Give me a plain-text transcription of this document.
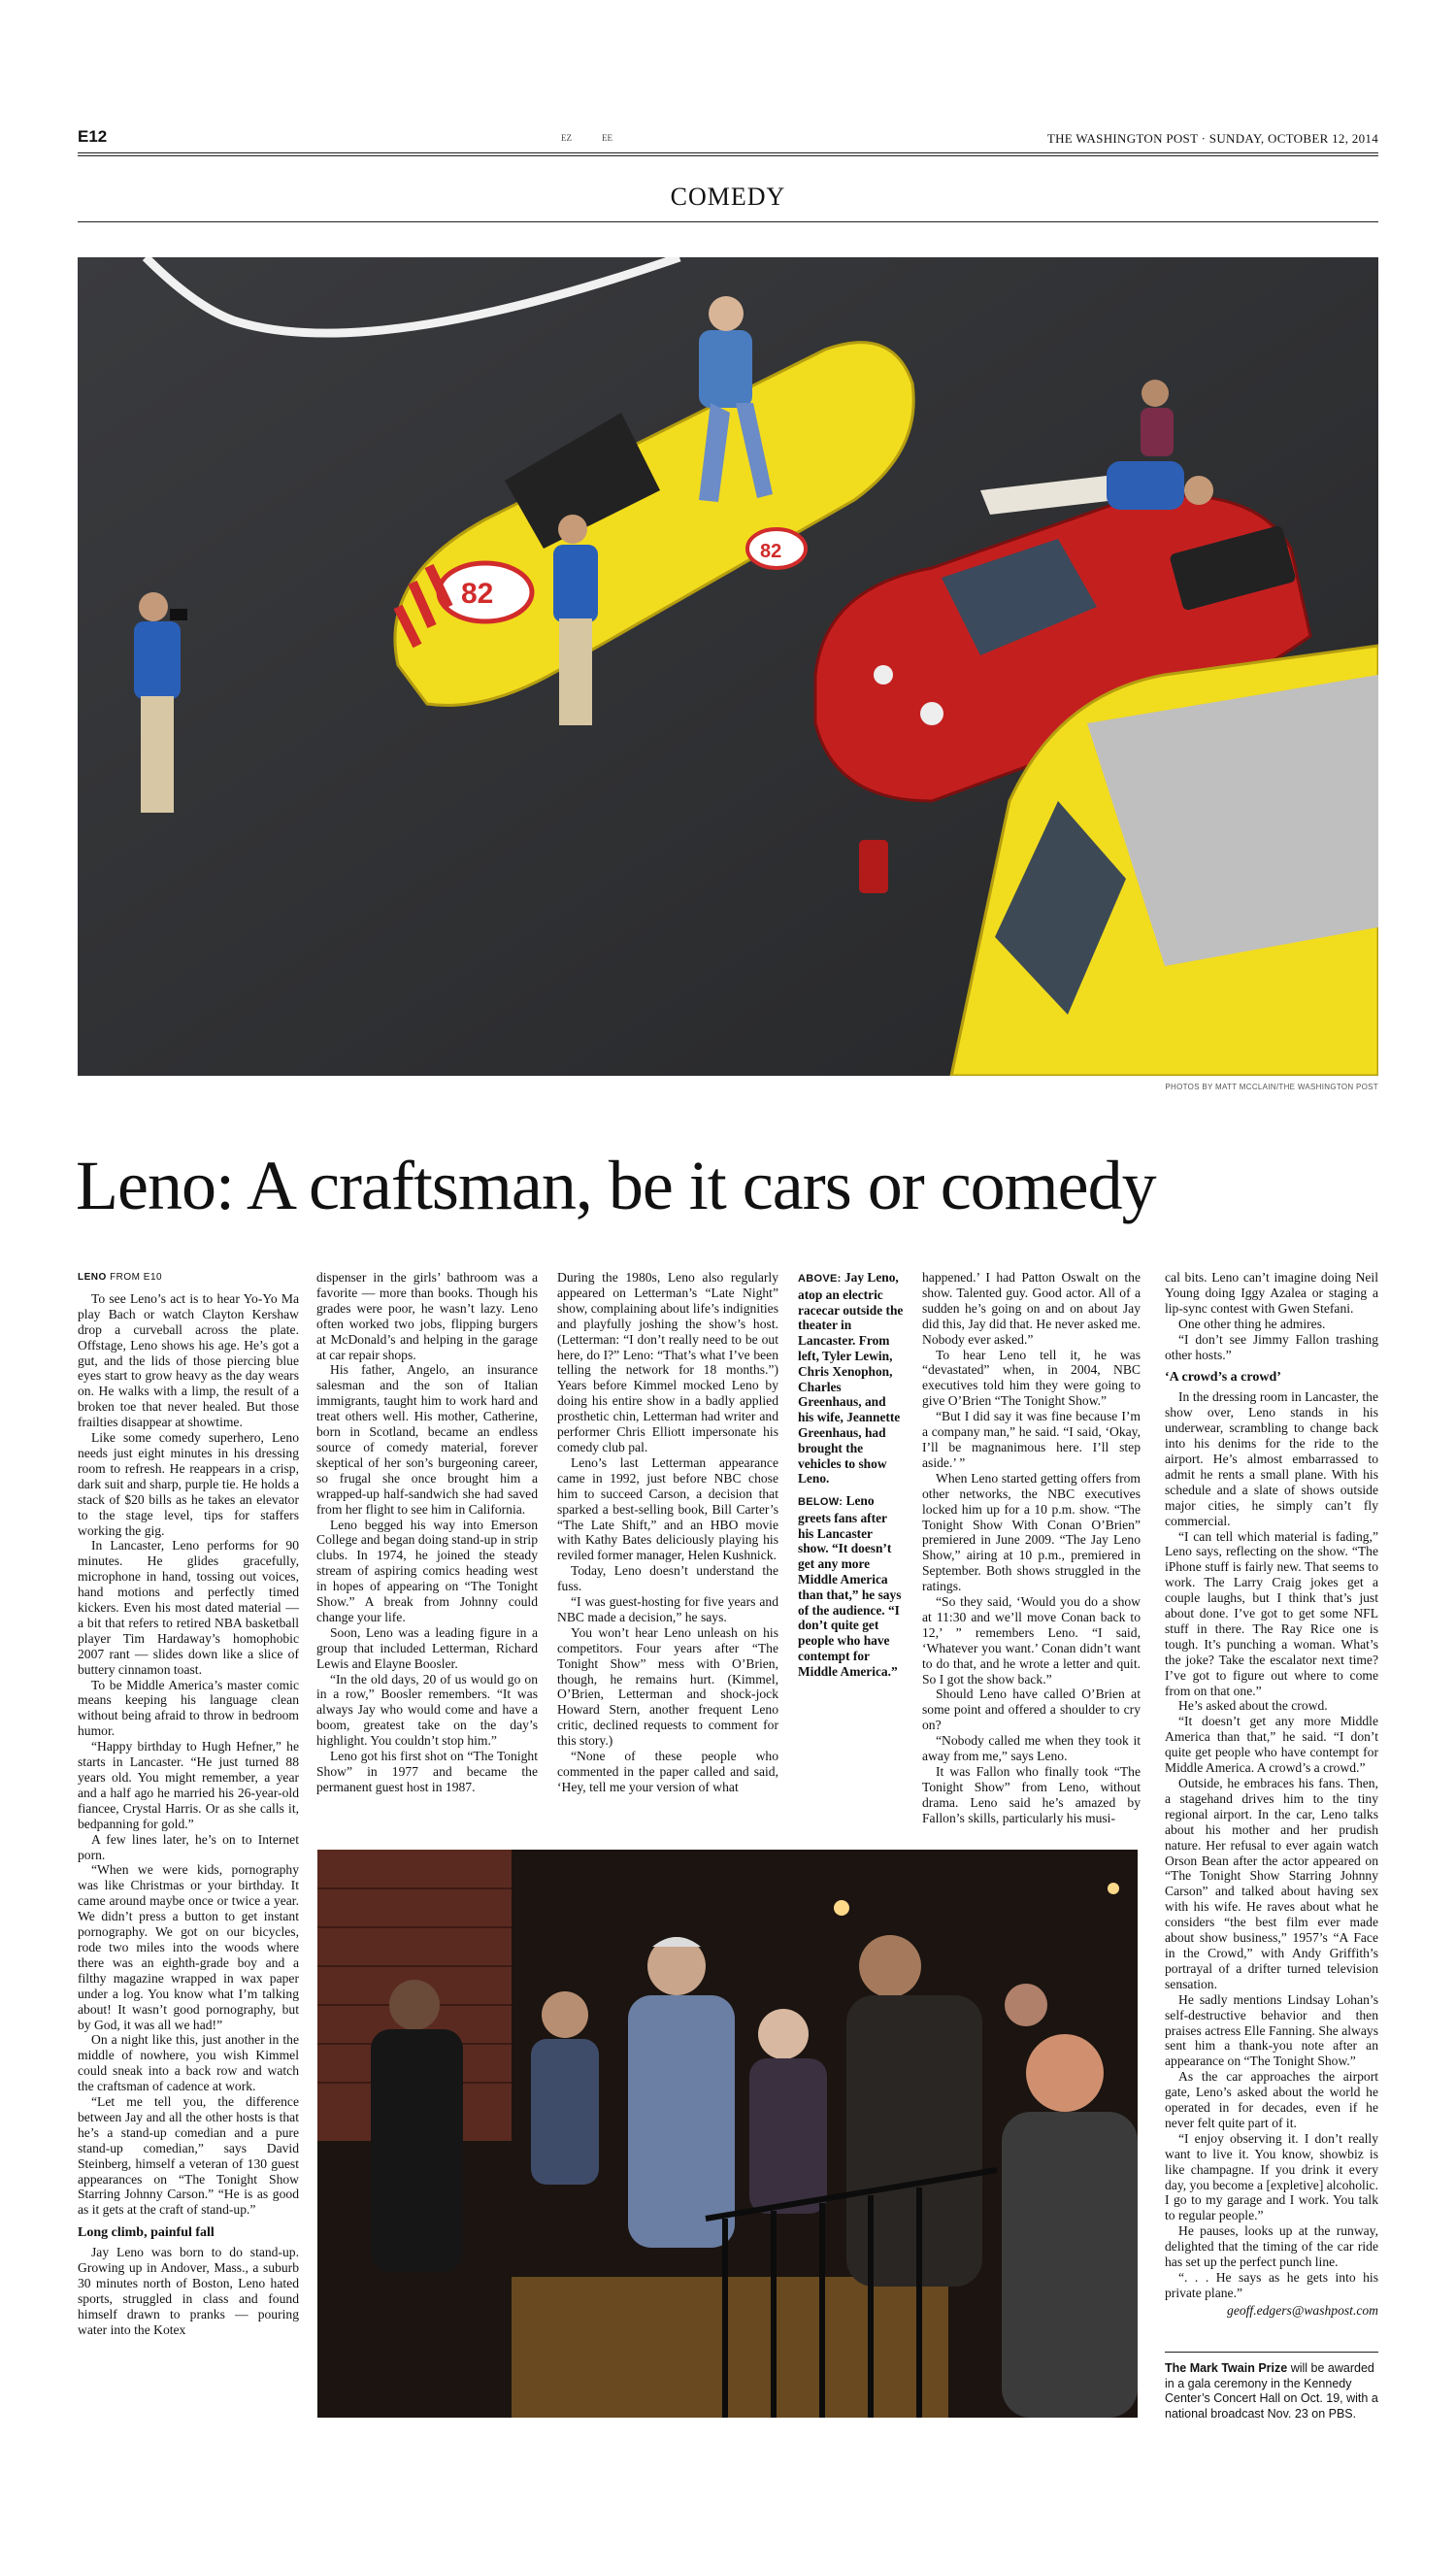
E12	EZ	EE	THE WASHINGTON POST · SUNDAY, OCTOBER 12, 2014
COMEDY
82
82
PHOTOS BY MATT MCCLAIN/THE WASHINGTON POST
Leno: A craftsman, be it cars or comedy
LENO FROM E10

To see Leno’s act is to hear Yo-Yo Ma play Bach or watch Clayton Kershaw drop a curveball across the plate. Offstage, Leno shows his age. He’s got a gut, and the lids of those piercing blue eyes start to grow heavy as the day wears on. He walks with a limp, the result of a broken toe that never healed. But those frailties disappear at showtime.

Like some comedy superhero, Leno needs just eight minutes in his dressing room to refresh. He reappears in a crisp, dark suit and sharp, purple tie. He holds a stack of $20 bills as he takes an elevator to the stage level, tips for staffers working the gig.

In Lancaster, Leno performs for 90 minutes. He glides gracefully, microphone in hand, tossing out voices, hand motions and perfectly timed kickers. Even his most dated material — a bit that refers to retired NBA basketball player Tim Hardaway’s homophobic 2007 rant — slides down like a slice of buttery cinnamon toast.

To be Middle America’s master comic means keeping his language clean without being afraid to throw in bedroom humor.

“Happy birthday to Hugh Hefner,” he starts in Lancaster. “He just turned 88 years old. You might remember, a year and a half ago he married his 26-year-old fiancee, Crystal Harris. Or as she calls it, bedpanning for gold.”

A few lines later, he’s on to Internet porn.

“When we were kids, pornography was like Christmas or your birthday. It came around maybe once or twice a year. We didn’t press a button to get instant pornography. We got on our bicycles, rode two miles into the woods where there was an eighth-grade boy and a filthy magazine wrapped in wax paper under a log. You know what I’m talking about! It wasn’t good pornography, but by God, it was all we had!”

On a night like this, just another in the middle of nowhere, you wish Kimmel could sneak into a back row and watch the craftsman of cadence at work.

“Let me tell you, the difference between Jay and all the other hosts is that he’s a stand-up comedian and a pure stand-up comedian,” says David Steinberg, himself a veteran of 130 guest appearances on “The Tonight Show Starring Johnny Carson.” “He is as good as it gets at the craft of stand-up.”

Long climb, painful fall

Jay Leno was born to do stand-up. Growing up in Andover, Mass., a suburb 30 minutes north of Boston, Leno hated sports, struggled in class and found himself drawn to pranks — pouring water into the Kotex

dispenser in the girls’ bathroom was a favorite — more than books. Though his grades were poor, he wasn’t lazy. Leno often worked two jobs, flipping burgers at McDonald’s and helping in the garage at car repair shops.

His father, Angelo, an insurance salesman and the son of Italian immigrants, taught him to work hard and treat others well. His mother, Catherine, born in Scotland, became an endless source of comedy material, forever skeptical of her son’s burgeoning career, so frugal she once brought him a wrapped-up half-sandwich she had saved from her flight to see him in California.

Leno begged his way into Emerson College and began doing stand-up in strip clubs. In 1974, he joined the steady stream of aspiring comics heading west in hopes of appearing on “The Tonight Show.” A break from Johnny could change your life.

Soon, Leno was a leading figure in a group that included Letterman, Richard Lewis and Elayne Boosler.

“In the old days, 20 of us would go on in a row,” Boosler remembers. “It was always Jay who would come and have a boom, greatest take on the day’s highlight. You couldn’t stop him.”

Leno got his first shot on “The Tonight Show” in 1977 and became the permanent guest host in 1987.

During the 1980s, Leno also regularly appeared on Letterman’s “Late Night” show, complaining about life’s indignities and playfully joshing the show’s host. (Letterman: “I don’t really need to be out here, do I?” Leno: “That’s what I’ve been telling the network for 18 months.”) Years before Kimmel mocked Leno by doing his entire show in a badly applied prosthetic chin, Letterman had writer and performer Chris Elliott impersonate his comedy club pal.

Leno’s last Letterman appearance came in 1992, just before NBC chose him to succeed Carson, a decision that sparked a best-selling book, Bill Carter’s “The Late Shift,” and an HBO movie with Kathy Bates deliciously playing his reviled former manager, Helen Kushnick.

Today, Leno doesn’t understand the fuss.

“I was guest-hosting for five years and NBC made a decision,” he says.

You won’t hear Leno unleash on his competitors. Four years after “The Tonight Show” mess with O’Brien, though, he remains hurt. (Kimmel, O’Brien, Letterman and shock-jock Howard Stern, another frequent Leno critic, declined requests to comment for this story.)

“None of these people who commented in the paper called and said, ‘Hey, tell me your version of what

ABOVE: Jay Leno, atop an electric racecar outside the theater in Lancaster. From left, Tyler Lewin, Chris Xenophon, Charles Greenhaus, and his wife, Jeannette Greenhaus, had brought the vehicles to show Leno.
BELOW: Leno greets fans after his Lancaster show. “It doesn’t get any more Middle America than that,” he says of the audience. “I don’t quite get people who have contempt for Middle America.”

happened.’ I had Patton Oswalt on the show. Talented guy. Good actor. All of a sudden he’s going on and on about Jay did this, Jay did that. He never asked me. Nobody ever asked.”

To hear Leno tell it, he was “devastated” when, in 2004, NBC executives told him they were going to give O’Brien “The Tonight Show.”

“But I did say it was fine because I’m a company man,” he said. “I said, ‘Okay, I’ll be magnanimous here. I’ll step aside.’ ”

When Leno started getting offers from other networks, the NBC executives locked him up for a 10 p.m. show. “The Tonight Show With Conan O’Brien” premiered in June 2009. “The Jay Leno Show,” airing at 10 p.m., premiered in September. Both shows struggled in the ratings.

“So they said, ‘Would you do a show at 11:30 and we’ll move Conan back to 12,’ ” remembers Leno. “I said, ‘Whatever you want.’ Conan didn’t want to do that, and he wrote a letter and quit. So I got the show back.”

Should Leno have called O’Brien at some point and offered a shoulder to cry on?

“Nobody called me when they took it away from me,” says Leno.

It was Fallon who finally took “The Tonight Show” from Leno, without drama. Leno said he’s amazed by Fallon’s skills, particularly his musi-

cal bits. Leno can’t imagine doing Neil Young doing Iggy Azalea or staging a lip-sync contest with Gwen Stefani.

One other thing he admires.

“I don’t see Jimmy Fallon trashing other hosts.”

‘A crowd’s a crowd’

In the dressing room in Lancaster, the show over, Leno stands in his underwear, scrambling to change back into his denims for the ride to the airport. He’s almost embarrassed to admit he rents a small plane. With his schedule and a slate of shows outside major cities, he simply can’t fly commercial.

“I can tell which material is fading,” Leno says, reflecting on the show. “The iPhone stuff is fairly new. That seems to work. The Larry Craig jokes get a couple laughs, but I think that’s just about done. I’ve got to get some NFL stuff in there. The Ray Rice one is tough. It’s punching a woman. What’s the joke? Take the escalator next time? I’ve got to figure out where to come from on that one.”

He’s asked about the crowd.

“It doesn’t get any more Middle America than that,” he said. “I don’t quite get people who have contempt for Middle America. A crowd’s a crowd.”

Outside, he embraces his fans. Then, a stagehand drives him to the tiny regional airport. In the car, Leno talks about his mother and her prudish nature. Her refusal to ever again watch Orson Bean after the actor appeared on “The Tonight Show Starring Johnny Carson” and talked about having sex with his wife. He raves about what he considers “the best film ever made about show business,” 1957’s “A Face in the Crowd,” with Andy Griffith’s portrayal of a drifter turned television sensation.

He sadly mentions Lindsay Lohan’s self-destructive behavior and then praises actress Elle Fanning. She always sent him a thank-you note after an appearance on “The Tonight Show.”

As the car approaches the airport gate, Leno’s asked about the world he operated in for decades, even if he never felt quite part of it.

“I enjoy observing it. I don’t really want to live it. You know, showbiz is like champagne. If you drink it every day, you become a [expletive] alcoholic. I go to my garage and I work. You talk to regular people.”

He pauses, looks up at the runway, delighted that the timing of the car ride has set up the perfect punch line.

“. . . He says as he gets into his private plane.”

geoff.edgers@washpost.com
The Mark Twain Prize will be awarded in a gala ceremony in the Kennedy Center’s Concert Hall on Oct. 19, with a national broadcast Nov. 23 on PBS.
